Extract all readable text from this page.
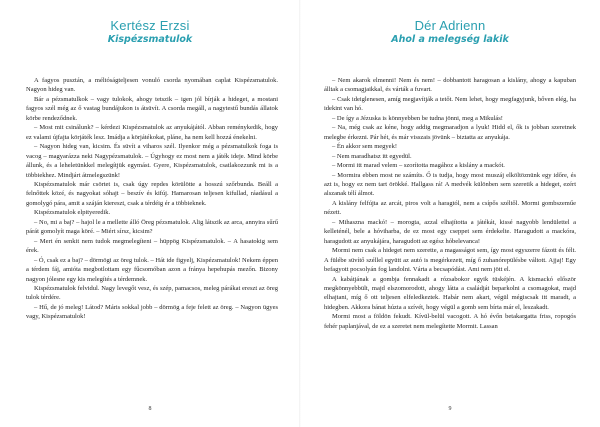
Kertész Erzsi
Kispézsmatulok

A fagyos pusztán, a méltóságteljesen vonuló csorda nyomában caplat Kispézsmatulok. Nagyon hideg van.

Bár a pézsmatulkok – vagy tulokok, ahogy tetszik – igen jól bírják a hideget, a mostani fagyos szél még az ő vastag bundájukon is átsüvít. A csorda megáll, a nagytestű bundás állatok körbe rendeződnek.

– Most mit csinálunk? – kérdezi Kispézsmatulok az anyukájától. Abban reménykedik, hogy ez valami újfajta körjáték lesz. Imádja a körjátékokat, pláne, ha nem kell hozzá énekelni.

– Nagyon hideg van, kicsim. És süvít a viharos szél. Ilyenkor még a pézsmatulkok foga is vacog – magyarázza neki Nagypézsmatulok. – Úgyhogy ez most nem a játék ideje. Mind körbe állunk, és a leheletünkkel melegítjük egymást. Gyere, Kispézsmatulok, csatlakozzunk mi is a többiekhez. Mindjárt átmelegszünk!

Kispézsmatulok már csörtet is, csak úgy repdes körülötte a hosszú szőrbunda. Beáll a felnőttek közé, és nagyokat sóhajt – beszív és kifúj. Hamarosan teljesen kifullad, ráadásul a gomolygó pára, amit a száján kiereszt, csak a térdéig ér a többieknek.

Kispézsmatulok elpityeredik.

– No, mi a baj? – hajol le a mellette álló Öreg pézsmatulok. Alig látszik az arca, annyira sűrű párát gomolyít maga köré. – Miért sírsz, kicsim?

– Mert én senkit nem tudok megmelegíteni – hüppög Kispézsmatulok. – A hasatokig sem érek.

– Ó, csak ez a baj? – dörmögi az öreg tulok. – Hát ide figyelj, Kispézsmatulok! Nekem éppen a térdem fáj, amióta megbotlottam egy fűcsomóban azon a fránya hepehupás mezőn. Bizony nagyon jólesne egy kis melegítés a térdemnek.

Kispézsmatulok felvidul. Nagy levegőt vesz, és szép, pamacsos, meleg párákat ereszt az öreg tulok térdére.

– Hű, de jó meleg! Látod? Máris sokkal jobb – dörmög a feje felett az öreg. – Nagyon ügyes vagy, Kispézsmatulok!

8
Dér Adrienn
Ahol a melegség lakik

– Nem akarok elmenni! Nem és nem! – dobbantott haragosan a kislány, ahogy a kapuban álltak a csomagjaikkal, és várták a fuvart.

– Csak ideiglenesen, amíg megjavítják a tetőt. Nem lehet, hogy megfagyjunk, bőven elég, ha idekint van hó.

– De így a Jézuska is könnyebben be tudna jönni, meg a Mikulás!

– Na, még csak az kéne, hogy addig megmaradjon a lyuk! Hidd el, ők is jobban szeretnek melegbe érkezni. Pár hét, és már visszais jövünk – biztatta az anyukája.

– Én akkor sem megyek!

– Nem maradhatsz itt egyedül.

– Mormi itt marad velem – szorította magához a kislány a mackót.

– Mormira ebben most ne számíts. Ő is tudja, hogy most muszáj elköltöznünk egy időre, és azt is, hogy ez nem tart örökké. Hallgass rá! A medvék különben sem szeretik a hideget, ezért alszanak télí álmot.

A kislány felfújta az arcát, piros volt a haragtól, nem a csípős széltől. Mormi gombszeműe nézett.

– Mihaszna mackó! – morogta, azzal elhajította a játékát, kissé nagyobb lendülettel a kelleténél, bele a hóviharba, de ez most egy cseppet sem érdekelte. Haragudott a mackóra, haragudott az anyukájára, haragudott az egész hóbelevanca!

Mormi nem csak a hideget nem szerette, a magasságot sem, így most egyszerre fázott és félt. A fülébe süvítő széllel együtt az autó is megérkezett, míg ő zuhanórepülésbe váltott. Ajjaj! Egy befagyott pocsolyán fog landolni. Várta a becsapódást. Ami nem jött el.

A kabátjának a gombja fennakadt a rózsabokor egyik tüskéjén. A kismackó először megkönnyebbült, majd elszomorodott, ahogy látta a családját beparkolni a csomagokat, majd elhajtani, míg ő ott teljesen elfeledkeztek. Habár nem akart, végül mégiscsak itt maradt, a hidegben. Akkora bánat húzta a szívét, hogy végül a gomb sem bírta már el, leszakadt.

Mormi most a földön fekudt. Kívül-belül vacogott. A hó évőn betakargatta friss, ropogós fehér paplanjával, de ez a szeretet nem melegítette Mormit. Lassan

9
